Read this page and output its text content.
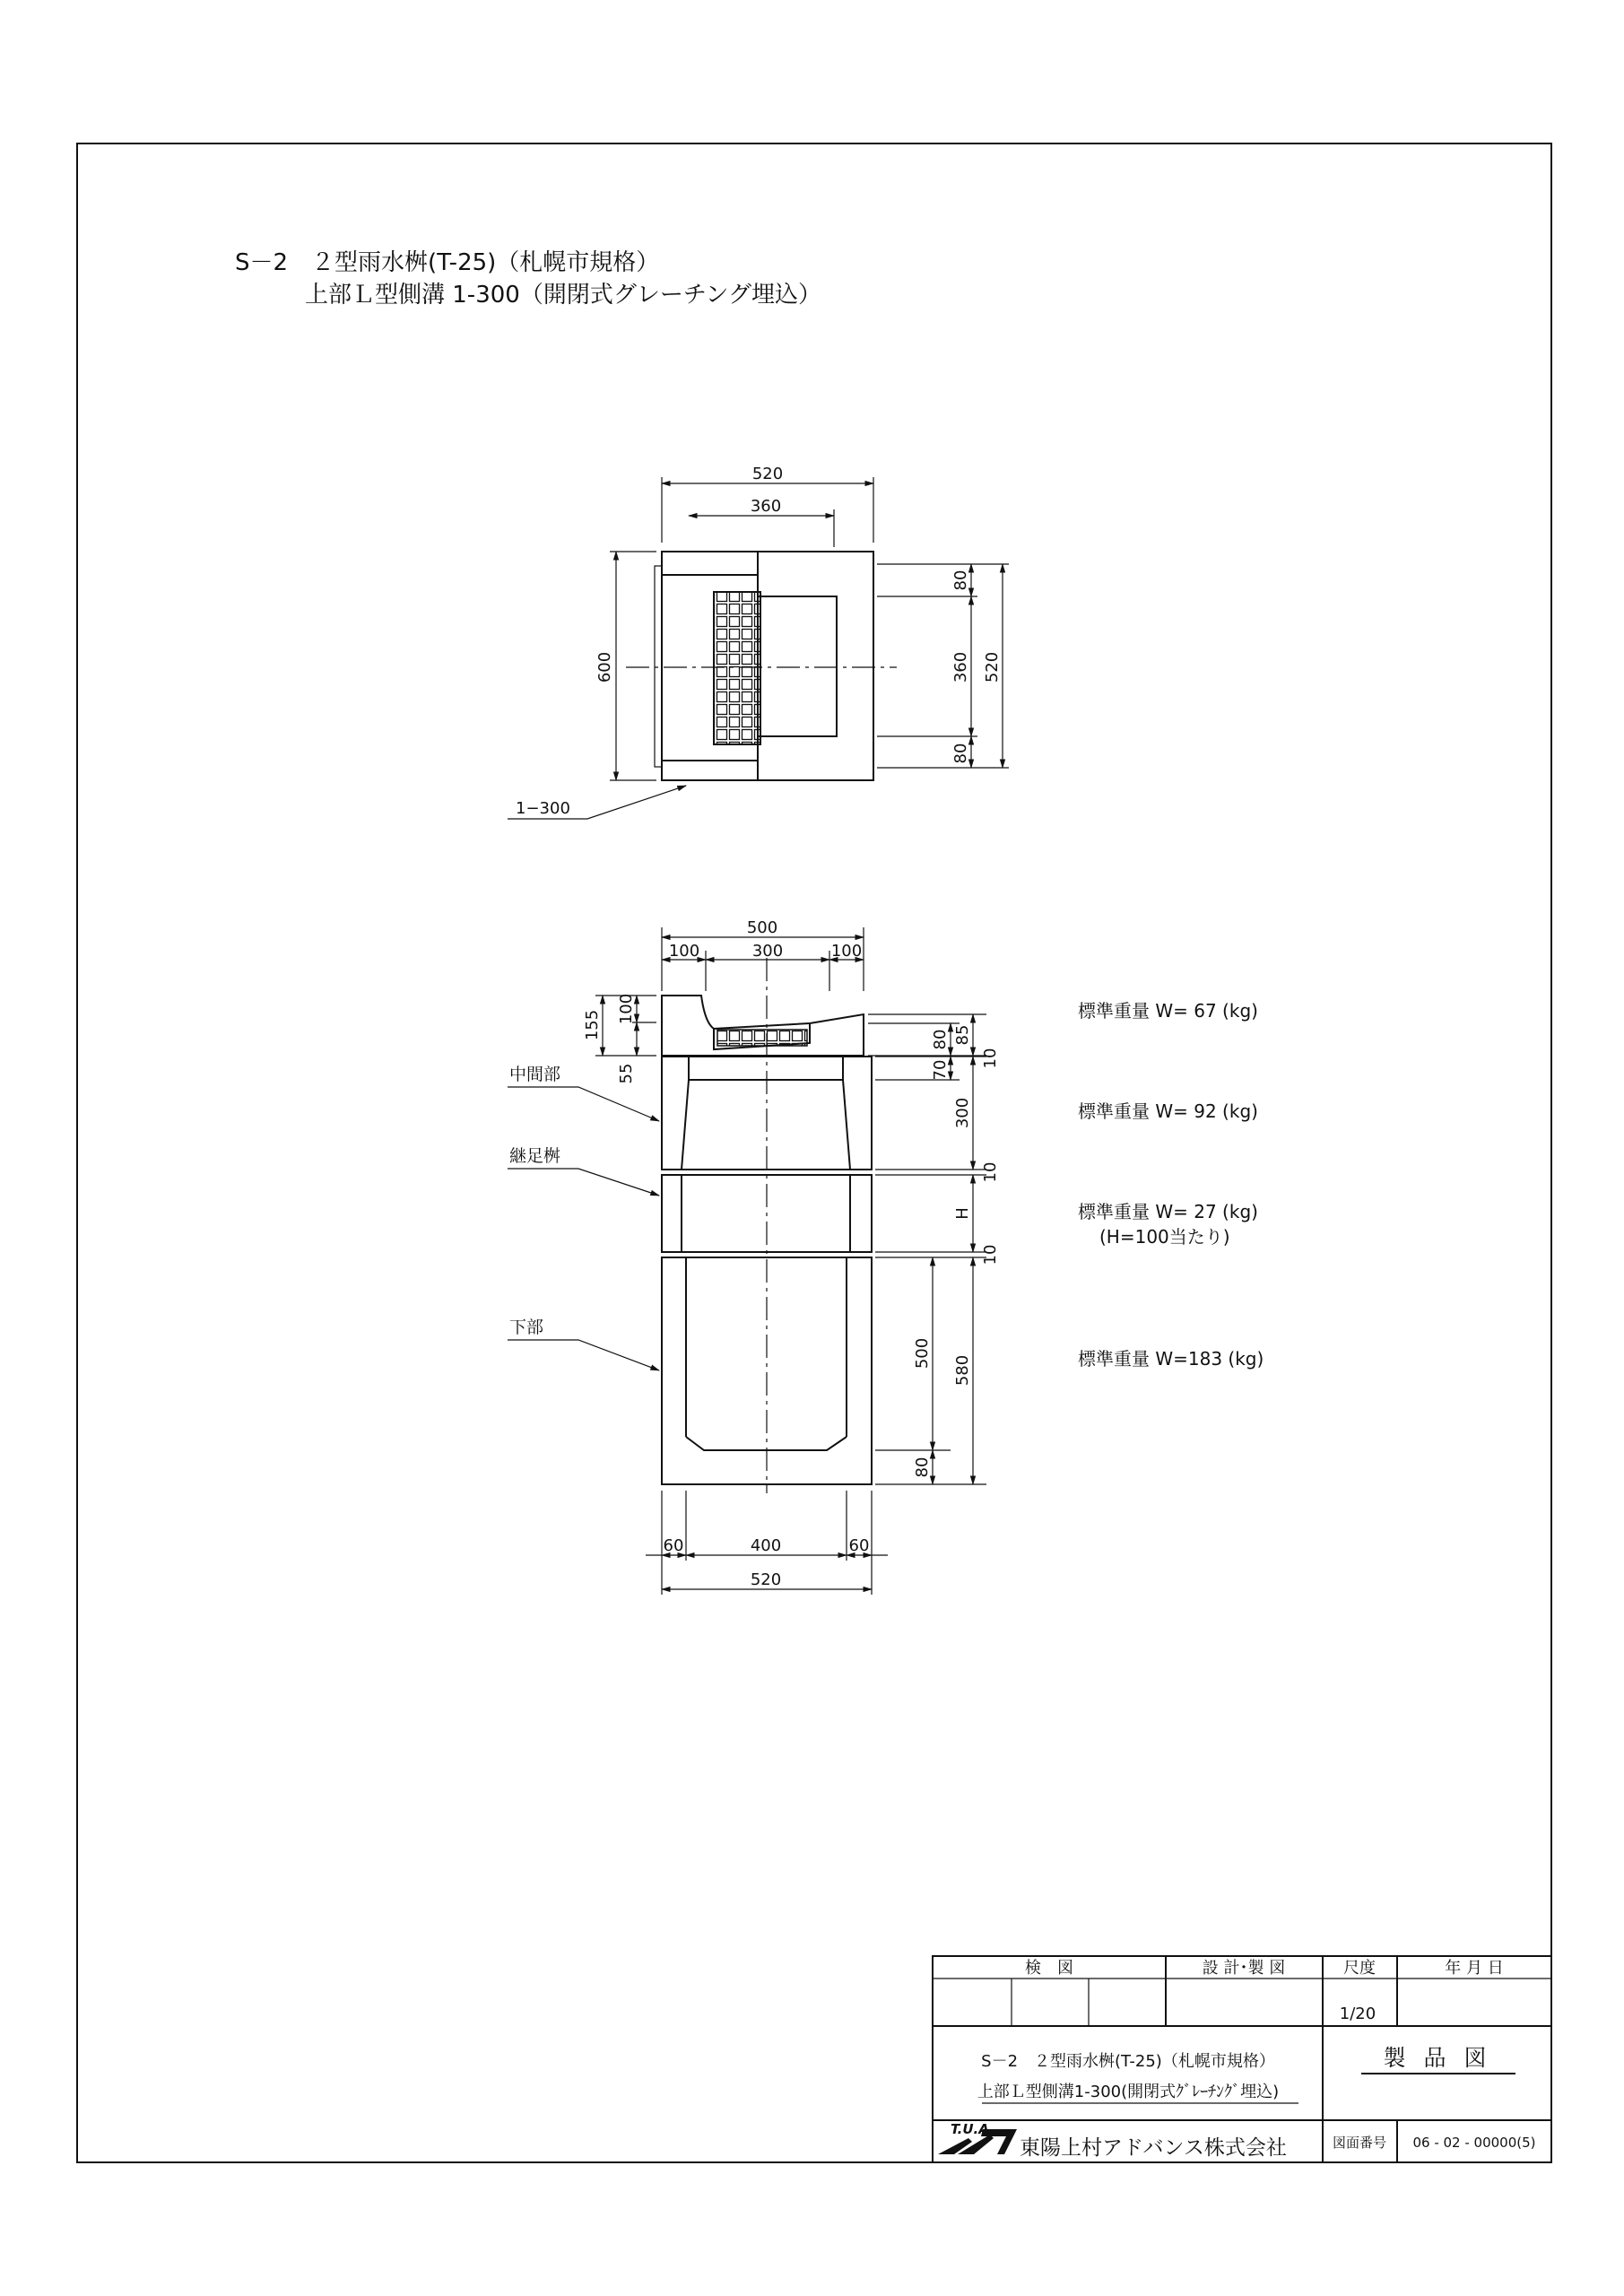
S－2　２型雨水桝(T-25)（札幌市規格）
上部Ｌ型側溝 1-300（開閉式グレーチング埋込）
520
360
600
80
360
80
520
1−300
500
100	300	100
155
100
55
80 85
70
10
300
10
H
10
500
580
80
60	400	60
520
中間部
継足桝
下部
標準重量 W= 67 (kg)
標準重量 W= 92 (kg)
標準重量 W= 27 (kg)
(H=100当たり)
標準重量 W=183 (kg)
検　図	設 計･製 図	尺度	年 月 日
1/20
S－2　２型雨水桝(T-25)（札幌市規格）
上部Ｌ型側溝1-300(開閉式ｸﾞﾚｰﾁﾝｸﾞ埋込)
製 品 図
T.U.A
東陽上村アドバンス株式会社	図面番号 06 - 02 - 00000(5)
